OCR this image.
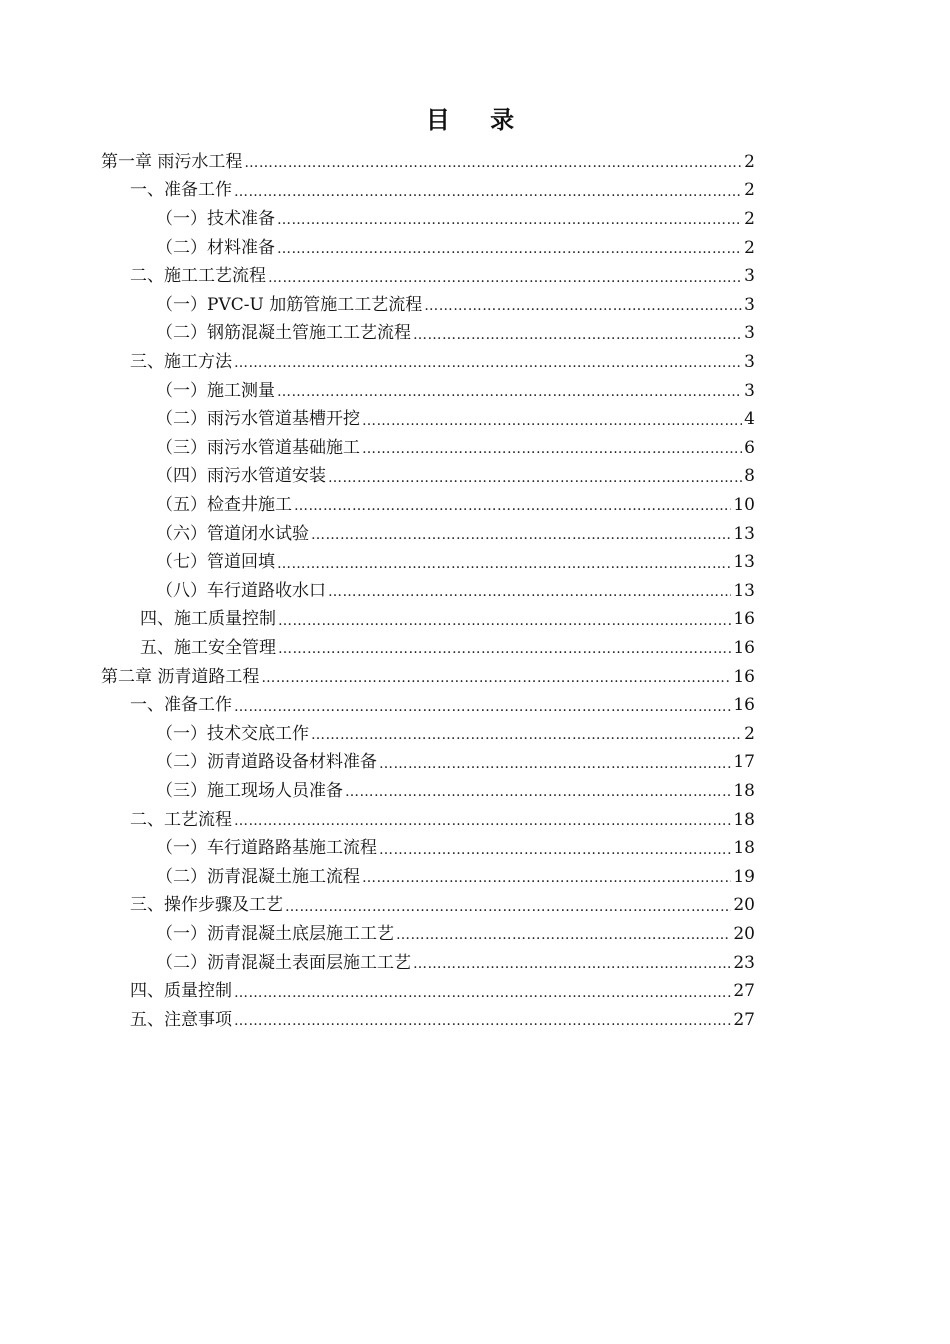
目 录
第一章 雨污水工程 ……………………………………………………………………………………………………………………………………………………………………………………………………………………………………	2
一、准备工作 ……………………………………………………………………………………………………………………………………………………………………………………………………………………………………	2
（一）技术准备 ……………………………………………………………………………………………………………………………………………………………………………………………………………………………………	2
（二）材料准备 ……………………………………………………………………………………………………………………………………………………………………………………………………………………………………	2
二、施工工艺流程 ……………………………………………………………………………………………………………………………………………………………………………………………………………………………………	3
（一）PVC-U 加筋管施工工艺流程 ……………………………………………………………………………………………………………………………………………………………………………………………………………………………………	3
（二）钢筋混凝土管施工工艺流程 ……………………………………………………………………………………………………………………………………………………………………………………………………………………………………	3
三、施工方法 ……………………………………………………………………………………………………………………………………………………………………………………………………………………………………	3
（一）施工测量 ……………………………………………………………………………………………………………………………………………………………………………………………………………………………………	3
（二）雨污水管道基槽开挖 ……………………………………………………………………………………………………………………………………………………………………………………………………………………………………	4
（三）雨污水管道基础施工 ……………………………………………………………………………………………………………………………………………………………………………………………………………………………………	6
（四）雨污水管道安装 ……………………………………………………………………………………………………………………………………………………………………………………………………………………………………	8
（五）检查井施工 ……………………………………………………………………………………………………………………………………………………………………………………………………………………………………	10
（六）管道闭水试验 ……………………………………………………………………………………………………………………………………………………………………………………………………………………………………	13
（七）管道回填 ……………………………………………………………………………………………………………………………………………………………………………………………………………………………………	13
（八）车行道路收水口 ……………………………………………………………………………………………………………………………………………………………………………………………………………………………………	13
四、施工质量控制 ……………………………………………………………………………………………………………………………………………………………………………………………………………………………………	16
五、施工安全管理 ……………………………………………………………………………………………………………………………………………………………………………………………………………………………………	16
第二章 沥青道路工程 ……………………………………………………………………………………………………………………………………………………………………………………………………………………………………	16
一、准备工作 ……………………………………………………………………………………………………………………………………………………………………………………………………………………………………	16
（一）技术交底工作 ……………………………………………………………………………………………………………………………………………………………………………………………………………………………………	2
（二）沥青道路设备材料准备 ……………………………………………………………………………………………………………………………………………………………………………………………………………………………………	17
（三）施工现场人员准备 ……………………………………………………………………………………………………………………………………………………………………………………………………………………………………	18
二、工艺流程 ……………………………………………………………………………………………………………………………………………………………………………………………………………………………………	18
（一）车行道路路基施工流程 ……………………………………………………………………………………………………………………………………………………………………………………………………………………………………	18
（二）沥青混凝土施工流程 ……………………………………………………………………………………………………………………………………………………………………………………………………………………………………	19
三、操作步骤及工艺 ……………………………………………………………………………………………………………………………………………………………………………………………………………………………………	20
（一）沥青混凝土底层施工工艺 ……………………………………………………………………………………………………………………………………………………………………………………………………………………………………	20
（二）沥青混凝土表面层施工工艺 ……………………………………………………………………………………………………………………………………………………………………………………………………………………………………	23
四、质量控制 ……………………………………………………………………………………………………………………………………………………………………………………………………………………………………	27
五、注意事项 ……………………………………………………………………………………………………………………………………………………………………………………………………………………………………	27
